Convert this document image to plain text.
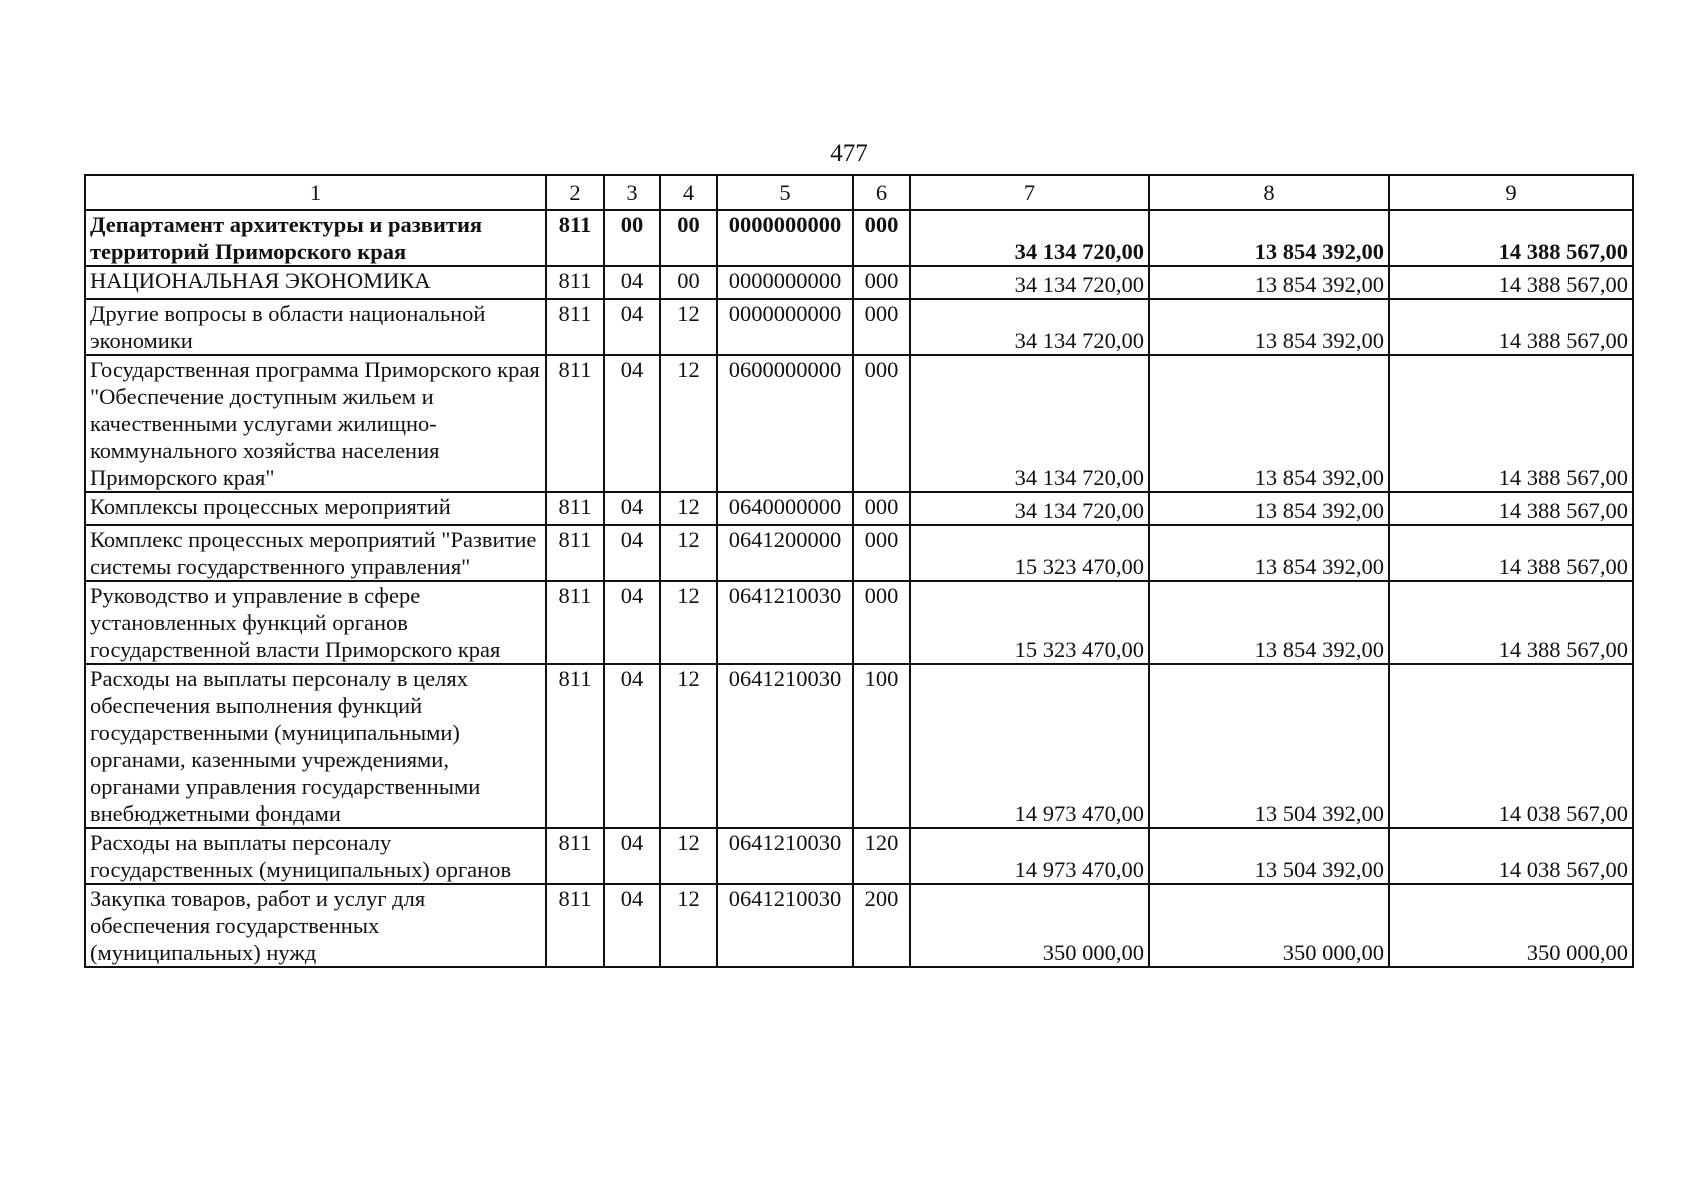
477
1	2	3	4	5	6	7	8	9
Департамент архитектуры и развития территорий Приморского края	811	00	00	0000000000	000	34 134 720,00	13 854 392,00	14 388 567,00
НАЦИОНАЛЬНАЯ ЭКОНОМИКА	811	04	00	0000000000	000	34 134 720,00	13 854 392,00	14 388 567,00
Другие вопросы в области национальной экономики	811	04	12	0000000000	000	34 134 720,00	13 854 392,00	14 388 567,00
Государственная программа Приморского края "Обеспечение доступным жильем и качественными услугами жилищно-коммунального хозяйства населения Приморского края"	811	04	12	0600000000	000	34 134 720,00	13 854 392,00	14 388 567,00
Комплексы процессных мероприятий	811	04	12	0640000000	000	34 134 720,00	13 854 392,00	14 388 567,00
Комплекс процессных мероприятий "Развитие системы государственного управления"	811	04	12	0641200000	000	15 323 470,00	13 854 392,00	14 388 567,00
Руководство и управление в сфере установленных функций органов государственной власти Приморского края	811	04	12	0641210030	000	15 323 470,00	13 854 392,00	14 388 567,00
Расходы на выплаты персоналу в целях обеспечения выполнения функций государственными (муниципальными) органами, казенными учреждениями, органами управления государственными внебюджетными фондами	811	04	12	0641210030	100	14 973 470,00	13 504 392,00	14 038 567,00
Расходы на выплаты персоналу государственных (муниципальных) органов	811	04	12	0641210030	120	14 973 470,00	13 504 392,00	14 038 567,00
Закупка товаров, работ и услуг для обеспечения государственных (муниципальных) нужд	811	04	12	0641210030	200	350 000,00	350 000,00	350 000,00
